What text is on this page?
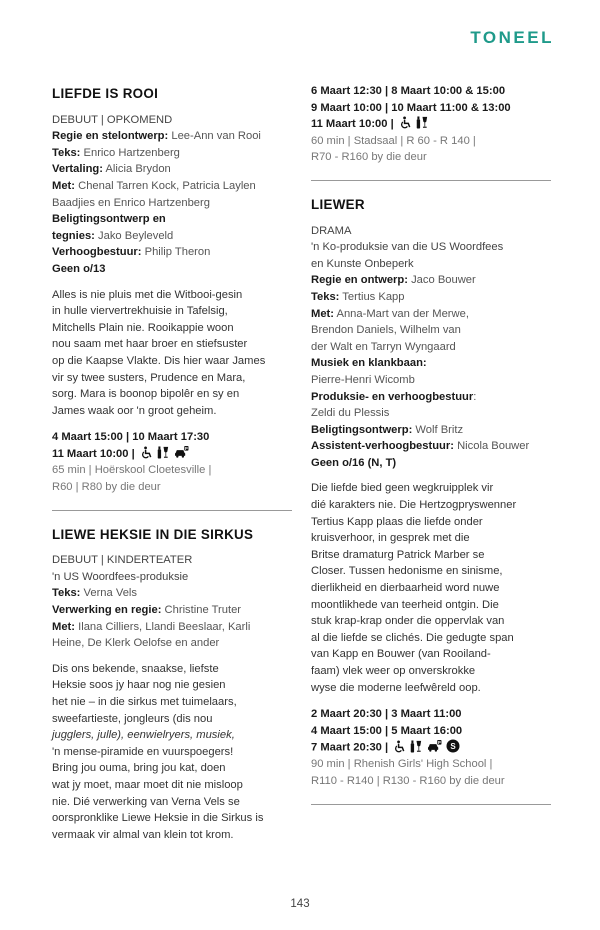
TONEEL
LIEFDE IS ROOI
DEBUUT | OPKOMEND
Regie en stelontwerp: Lee-Ann van Rooi
Teks: Enrico Hartzenberg
Vertaling: Alicia Brydon
Met: Chenal Tarren Kock, Patricia Laylen
Baadjies en Enrico Hartzenberg
Beligtingsontwerp en
tegnies: Jako Beyleveld
Verhoogbestuur: Philip Theron
Geen o/13
Alles is nie pluis met die Witbooi-gesin
in hulle viervertrekhuisie in Tafelsig,
Mitchells Plain nie. Rooikappie woon
nou saam met haar broer en stiefsuster
op die Kaapse Vlakte. Dis hier waar James
vir sy twee susters, Prudence en Mara,
sorg. Mara is boonop bipolêr en sy en
James waak oor 'n groot geheim.
4 Maart 15:00 | 10 Maart 17:30
11 Maart 10:00 |	P
65 min | Hoërskool Cloetesville |
R60 | R80 by die deur
LIEWE HEKSIE IN DIE SIRKUS
DEBUUT | KINDERTEATER
'n US Woordfees-produksie
Teks: Verna Vels
Verwerking en regie: Christine Truter
Met: Ilana Cilliers, Llandi Beeslaar, Karli
Heine, De Klerk Oelofse en ander
Dis ons bekende, snaakse, liefste
Heksie soos jy haar nog nie gesien
het nie – in die sirkus met tuimelaars,
sweefartieste, jongleurs (dis nou
jugglers, julle), eenwielryers, musiek,
'n mense-piramide en vuurspoegers!
Bring jou ouma, bring jou kat, doen
wat jy moet, maar moet dit nie misloop
nie. Dié verwerking van Verna Vels se
oorspronklike Liewe Heksie in die Sirkus is
vermaak vir almal van klein tot krom.
6 Maart 12:30 | 8 Maart 10:00 & 15:00
9 Maart 10:00 | 10 Maart 11:00 & 13:00
11 Maart 10:00 |
60 min | Stadsaal | R 60 - R 140 |
R70 - R160 by die deur
LIEWER
DRAMA
'n Ko-produksie van die US Woordfees
en Kunste Onbeperk
Regie en ontwerp: Jaco Bouwer
Teks: Tertius Kapp
Met: Anna-Mart van der Merwe,
Brendon Daniels, Wilhelm van
der Walt en Tarryn Wyngaard
Musiek en klankbaan:
Pierre-Henri Wicomb
Produksie- en verhoogbestuur:
Zeldi du Plessis
Beligtingsontwerp: Wolf Britz
Assistent-verhoogbestuur: Nicola Bouwer
Geen o/16 (N, T)
Die liefde bied geen wegkruipplek vir
dié karakters nie. Die Hertzogpryswenner
Tertius Kapp plaas die liefde onder
kruisverhoor, in gesprek met die
Britse dramaturg Patrick Marber se
Closer. Tussen hedonisme en sinisme,
dierlikheid en dierbaarheid word nuwe
moontlikhede van teerheid ontgin. Die
stuk krap-krap onder die oppervlak van
al die liefde se clichés. Die gedugte span
van Kapp en Bouwer (van Rooiland-
faam) vlek weer op onverskrokke
wyse die moderne leefwêreld oop.
2 Maart 20:30 | 3 Maart 11:00
4 Maart 15:00 | 5 Maart 16:00
7 Maart 20:30 |	P
S
90 min | Rhenish Girls' High School |
R110 - R140 | R130 - R160 by die deur
143
